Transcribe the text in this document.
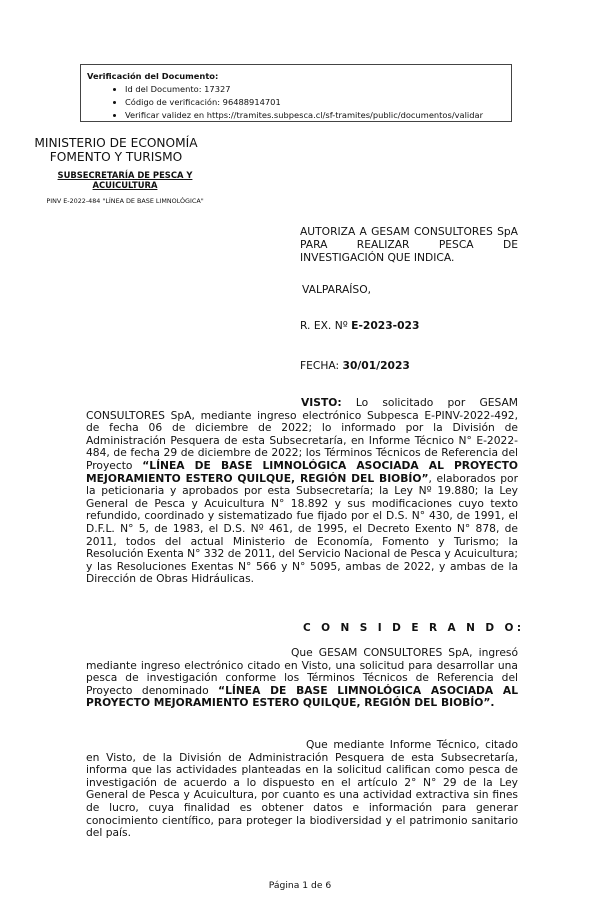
Verificación del Documento:
• Id del Documento: 17327
• Código de verificación: 96488914701
• Verificar validez en https://tramites.subpesca.cl/sf-tramites/public/documentos/validar
MINISTERIO DE ECONOMÍA
FOMENTO Y TURISMO
SUBSECRETARÍA DE PESCA Y ACUICULTURA
PINV E-2022-484 "LÍNEA DE BASE LIMNOLÓGICA"
AUTORIZA A GESAM CONSULTORES SpA PARA REALIZAR PESCA DE INVESTIGACIÓN QUE INDICA.
VALPARAÍSO,
R. EX. Nº E-2023-023
FECHA: 30/01/2023

VISTO: Lo solicitado por GESAM CONSULTORES SpA, mediante ingreso electrónico Subpesca E-PINV-2022-492, de fecha 06 de diciembre de 2022; lo informado por la División de Administración Pesquera de esta Subsecretaría, en Informe Técnico N° E-2022-484, de fecha 29 de diciembre de 2022; los Términos Técnicos de Referencia del Proyecto “LÍNEA DE BASE LIMNOLÓGICA ASOCIADA AL PROYECTO MEJORAMIENTO ESTERO QUILQUE, REGIÓN DEL BIOBÍO”, elaborados por la peticionaria y aprobados por esta Subsecretaría; la Ley Nº 19.880; la Ley General de Pesca y Acuicultura N° 18.892 y sus modificaciones cuyo texto refundido, coordinado y sistematizado fue fijado por el D.S. N° 430, de 1991, el D.F.L. N° 5, de 1983, el D.S. Nº 461, de 1995, el Decreto Exento N° 878, de 2011, todos del actual Ministerio de Economía, Fomento y Turismo; la Resolución Exenta N° 332 de 2011, del Servicio Nacional de Pesca y Acuicultura; y las Resoluciones Exentas N° 566 y N° 5095, ambas de 2022, y ambas de la Dirección de Obras Hidráulicas.

C O N S I D E R A N D O:

Que GESAM CONSULTORES SpA, ingresó mediante ingreso electrónico citado en Visto, una solicitud para desarrollar una pesca de investigación conforme los Términos Técnicos de Referencia del Proyecto denominado “LÍNEA DE BASE LIMNOLÓGICA ASOCIADA AL PROYECTO MEJORAMIENTO ESTERO QUILQUE, REGIÓN DEL BIOBÍO”.

Que mediante Informe Técnico, citado en Visto, de la División de Administración Pesquera de esta Subsecretaría, informa que las actividades planteadas en la solicitud califican como pesca de investigación de acuerdo a lo dispuesto en el artículo 2° N° 29 de la Ley General de Pesca y Acuicultura, por cuanto es una actividad extractiva sin fines de lucro, cuya finalidad es obtener datos e información para generar conocimiento científico, para proteger la biodiversidad y el patrimonio sanitario del país.

Página 1 de 6
